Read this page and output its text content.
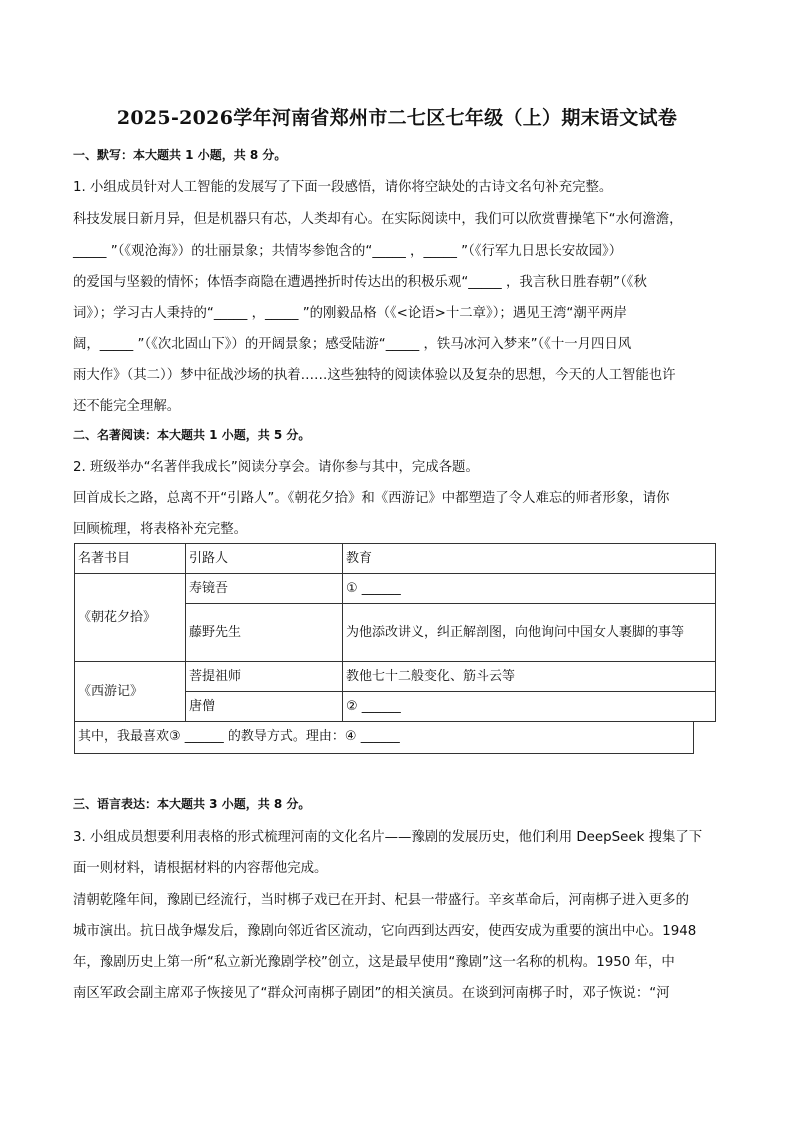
2025-2026学年河南省郑州市二七区七年级（上）期末语文试卷
一、默写：本大题共 1 小题，共 8 分。
1. 小组成员针对人工智能的发展写了下面一段感悟，请你将空缺处的古诗文名句补充完整。
科技发展日新月异，但是机器只有芯，人类却有心。在实际阅读中，我们可以欣赏曹操笔下“水何澹澹，
_____ ”（《观沧海》）的壮丽景象；共情岑参饱含的“_____ ，_____ ”（《行军九日思长安故园》）
的爱国与坚毅的情怀；体悟李商隐在遭遇挫折时传达出的积极乐观“_____ ，我言秋日胜春朝”（《秋
词》）；学习古人秉持的“_____ ，_____ ”的刚毅品格（《<论语>十二章》）；遇见王湾“潮平两岸
阔，_____ ”（《次北固山下》）的开阔景象；感受陆游“_____ ，铁马冰河入梦来”（《十一月四日风
雨大作》（其二））梦中征战沙场的执着……这些独特的阅读体验以及复杂的思想，今天的人工智能也许
还不能完全理解。
二、名著阅读：本大题共 1 小题，共 5 分。
2. 班级举办“名著伴我成长”阅读分享会。请你参与其中，完成各题。
回首成长之路，总离不开“引路人”。《朝花夕拾》和《西游记》中都塑造了令人难忘的师者形象，请你
回顾梳理，将表格补充完整。
名著书目	引路人	教育
《朝花夕拾》	寿镜吾	① ______
	藤野先生	为他添改讲义，纠正解剖图，向他询问中国女人裹脚的事等
《西游记》	菩提祖师	教他七十二般变化、筋斗云等
	唐僧	② ______
其中，我最喜欢③ ______ 的教导方式。理由：④ ______
三、语言表达：本大题共 3 小题，共 8 分。
3. 小组成员想要利用表格的形式梳理河南的文化名片——豫剧的发展历史，他们利用 DeepSeek 搜集了下
面一则材料，请根据材料的内容帮他完成。
清朝乾隆年间，豫剧已经流行，当时梆子戏已在开封、杞县一带盛行。辛亥革命后，河南梆子进入更多的
城市演出。抗日战争爆发后，豫剧向邻近省区流动，它向西到达西安，使西安成为重要的演出中心。1948
年，豫剧历史上第一所“私立新光豫剧学校”创立，这是最早使用“豫剧”这一名称的机构。1950 年，中
南区军政会副主席邓子恢接见了“群众河南梆子剧团”的相关演员。在谈到河南梆子时，邓子恢说：“河
